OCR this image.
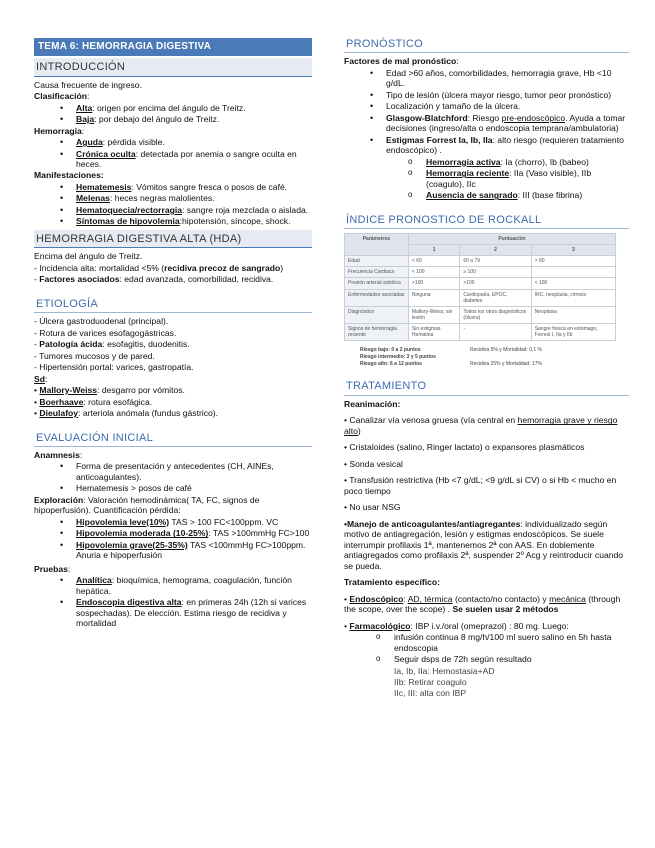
TEMA 6: HEMORRAGIA DIGESTIVA
INTRODUCCIÓN

Causa frecuente de ingreso.

Clasificación:

• Alta: origen por encima del ángulo de Treitz.
• Baja: por debajo del ángulo de Treitz.

Hemorragia:

• Aguda: pérdida visible.
• Crónica oculta: detectada por anemia o sangre oculta en heces.

Manifestaciones:

• Hematemesis: Vómitos sangre fresca o posos de café.
• Melenas: heces negras malolientes.
• Hematoquecia/rectorragia: sangre roja mezclada o aislada.
• Síntomas de hipovolemia:hipotensión, síncope, shock.
HEMORRAGIA DIGESTIVA ALTA (HDA)

Encima del ángulo de Treitz.

- Incidencia alta: mortalidad <5% (recidiva precoz de sangrado)

- Factores asociados: edad avanzada, comorbilidad, recidiva.

ETIOLOGÍA

- Úlcera gastroduodenal (principal).

- Rotura de varices esofagogástricas.

- Patología ácida: esofagitis, duodenitis.

- Tumores mucosos y de pared.

- Hipertensión portal: varices, gastropatía.

Sd:

• Mallory-Weiss: desgarro por vómitos.

• Boerhaave: rotura esofágica.

• Dieulafoy: arteriola anómala (fundus gástrico).

EVALUACIÓN INICIAL

Anamnesis:

• Forma de presentación y antecedentes (CH, AINEs, anticoagulantes).
• Hematemesis > posos de café

Exploración: Valoración hemodinámica( TA, FC, signos de hipoperfusión). Cuantificación pérdida:

• Hipovolemia leve(10%) TAS > 100 FC<100ppm. VC
• Hipovolemia moderada (10-25%): TAS >100mmHg FC>100
• Hipovolemia grave(25-35%) TAS <100mmHg FC>100ppm. Anuria e hipoperfusión

Pruebas:

• Analítica: bioquímica, hemograma, coagulación, función hepática.
• Endoscopia digestiva alta: en primeras 24h (12h si varices sospechadas). De elección. Estima riesgo de recidiva y mortalidad
PRONÓSTICO

Factores de mal pronóstico:

• Edad >60 años, comorbilidades, hemorragia grave, Hb <10 g/dL.
• Tipo de lesión (úlcera mayor riesgo, tumor peor pronóstico)
• Localización y tamaño de la úlcera.
• Glasgow-Blatchford: Riesgo pre-endoscópico. Ayuda a tomar decisiones (ingreso/alta o endoscopia temprana/ambulatoria)
• Estigmas Forrest Ia, Ib, IIa: alto riesgo (requieren tratamiento endoscópico) .
o Hemorragia activa: Ia (chorro), Ib (babeo)
o Hemorragia reciente: IIa (Vaso visible), IIb (coagulo), IIc
o Ausencia de sangrado: III (base fibrina)
ÍNDICE PRONOSTICO DE ROCKALL
Parámetros	Puntuación		
	1	2	3
Edad	< 60	60 a 79	> 80
Frecuencia Cardiaca	< 100	≥ 100	
Presión arterial sistólica	>100	>100	< 100
Enfermedades asociadas	Ninguna	Cardiopatía, EPOC, diabetes	IRC, neoplasia, cirrosis
Diagnóstico	Mallory-Weiss, sin lesión	Todos los otros diagnósticos (úlcera)	Neoplasia
Signos de hemorragia reciente	Sin estigmas. Hematina	-	Sangre fresca en estómago, Forrest I, IIa y IIb
Riesgo bajo: 0 a 2 puntos
Riesgo intermedio: 3 y 5 puntos
Riesgo alto: 6 a 12 puntos
Recidiva 5% y Mortalidad: 0,1 %

Recidiva 25% y Mortalidad: 17%
TRATAMIENTO

Reanimación:

• Canalizar vía venosa gruesa (vía central en hemorragia grave y riesgo alto)

• Cristaloides (salino, Ringer lactato) o expansores plasmáticos

• Sonda vesical

• Transfusión restrictiva (Hb <7 g/dL; <9 g/dL si CV) o si Hb < mucho en poco tiempo

• No usar NSG

•Manejo de anticoagulantes/antiagregantes: individualizado según motivo de antiagregación, lesión y estigmas endoscópicos. Se suele interrumpir profilaxis 1ª, mantenemos 2ª con AAS. En doblemente antiagregados como profilaxis 2ª, suspender 2º Acg y reintroducir cuando se pueda.

Tratamiento específico:

• Endoscópico: AD, térmica (contacto/no contacto) y mecánica (through the scope, over the scope) . Se suelen usar 2 métodos

• Farmacológico: IBP i.v./oral (omeprazol) : 80 mg. Luego:

o infusión continua 8 mg/h/100 ml suero salino en 5h hasta endoscopia
o Seguir dsps de 72h según resultado
Ia, Ib, IIa: Hemostasia+AD
IIb: Retirar coagulo
IIc, III: alta con IBP
